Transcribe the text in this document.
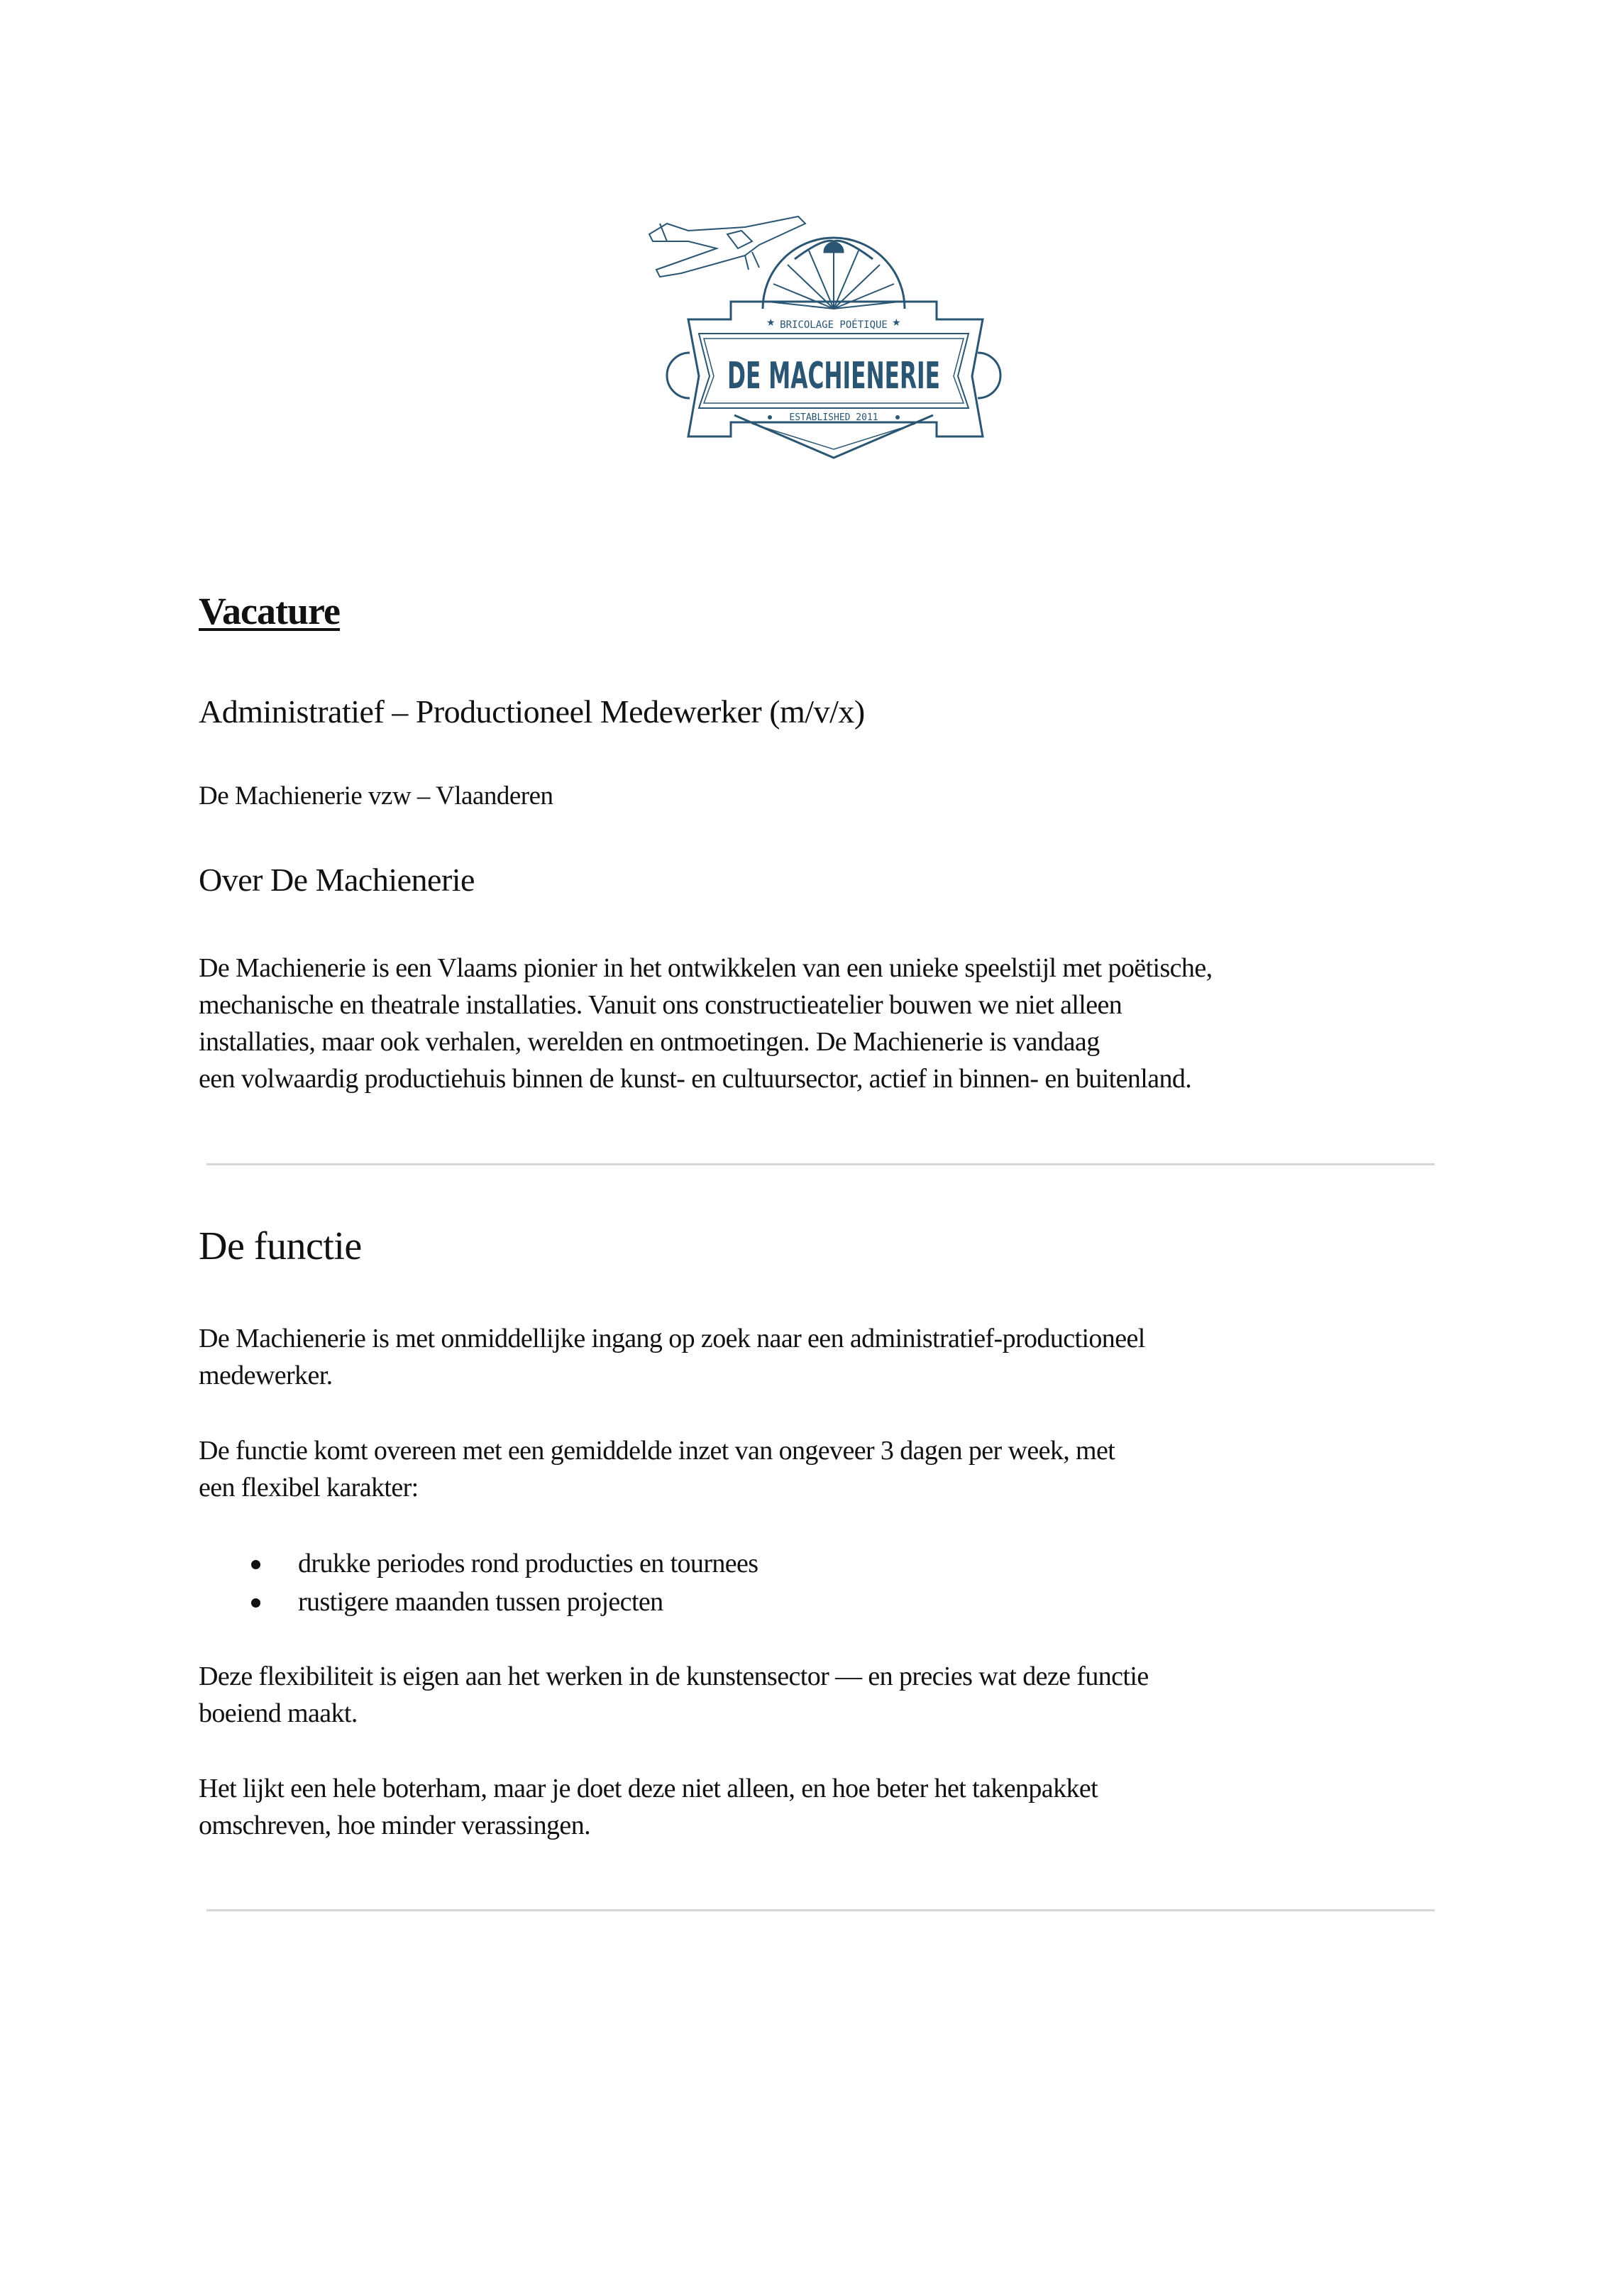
BRICOLAGE POÉTIQUE
★	★
DE MACHIENERIE
ESTABLISHED 2011
Vacature
Administratief – Productioneel Medewerker (m/v/x)
De Machienerie vzw – Vlaanderen
Over De Machienerie
De Machienerie is een Vlaams pionier in het ontwikkelen van een unieke speelstijl met poëtische,
mechanische en theatrale installaties. Vanuit ons constructieatelier bouwen we niet alleen
installaties, maar ook verhalen, werelden en ontmoetingen. De Machienerie is vandaag
een volwaardig productiehuis binnen de kunst- en cultuursector, actief in binnen- en buitenland.
De functie
De Machienerie is met onmiddellijke ingang op zoek naar een administratief-productioneel
medewerker.
De functie komt overeen met een gemiddelde inzet van ongeveer 3 dagen per week, met
een flexibel karakter:
drukke periodes rond producties en tournees
rustigere maanden tussen projecten
Deze flexibiliteit is eigen aan het werken in de kunstensector — en precies wat deze functie
boeiend maakt.
Het lijkt een hele boterham, maar je doet deze niet alleen, en hoe beter het takenpakket
omschreven, hoe minder verassingen.
